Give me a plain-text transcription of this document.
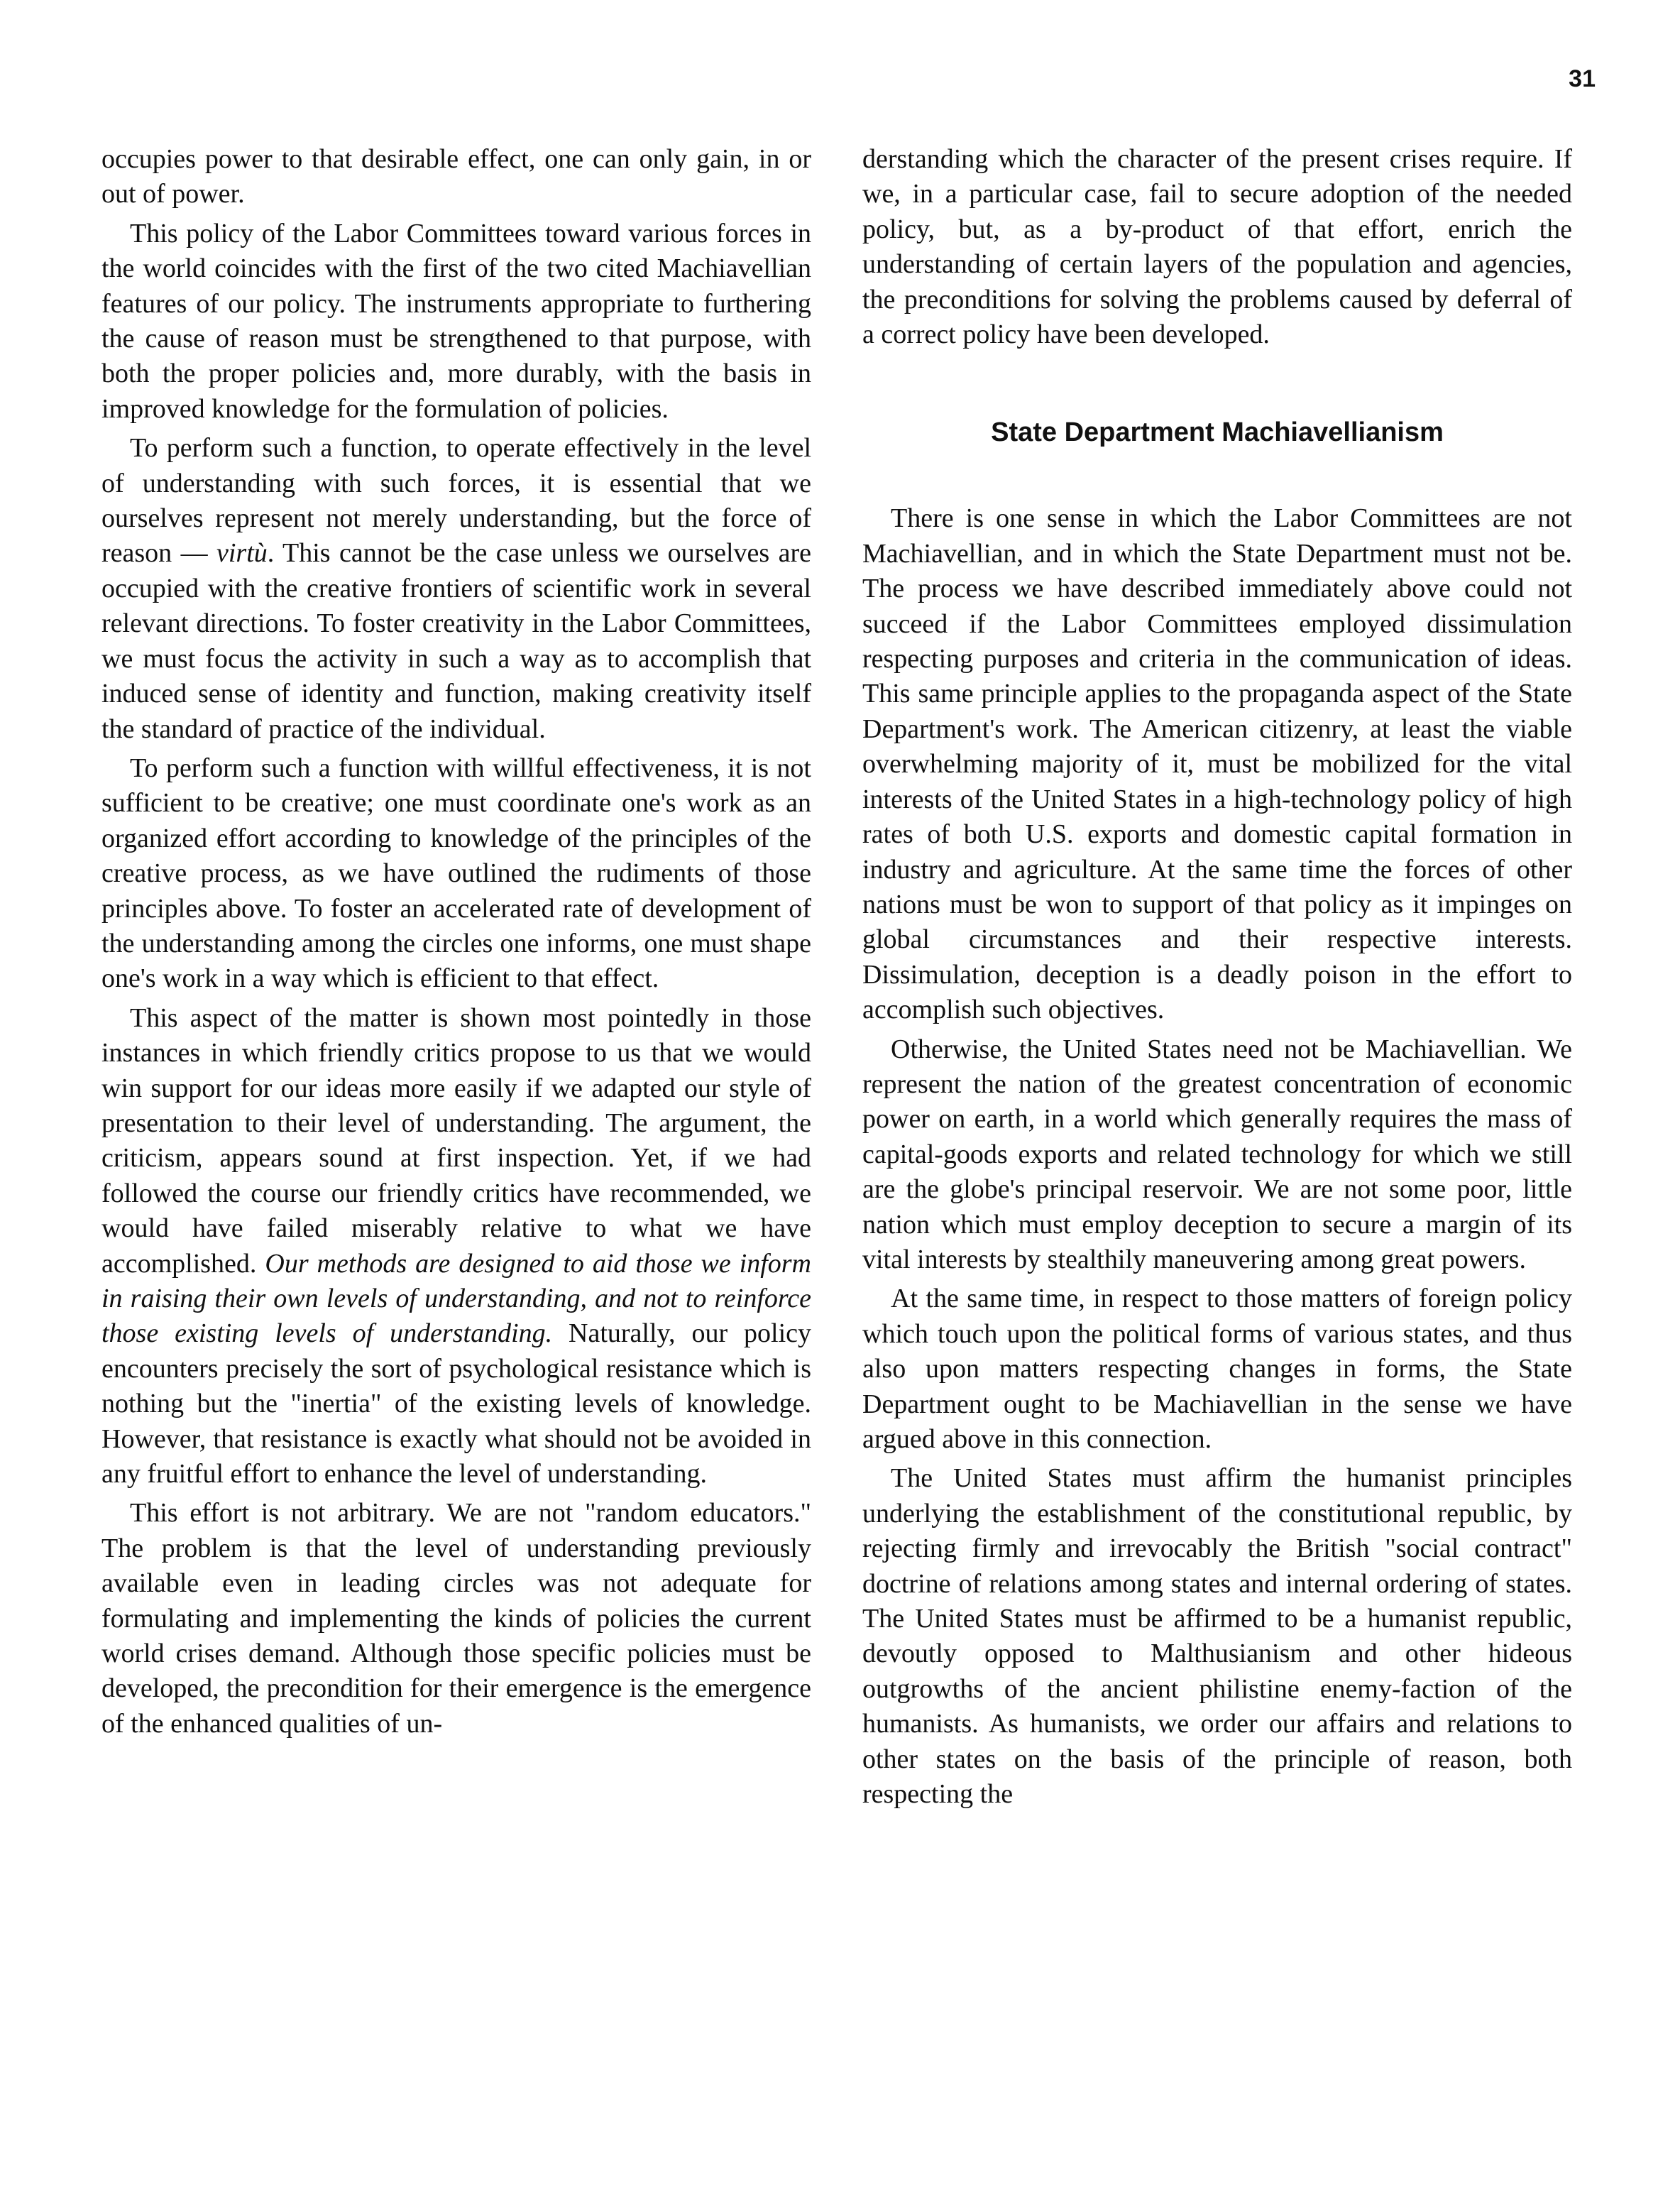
31

occupies power to that desirable effect, one can only gain, in or out of power.

This policy of the Labor Committees toward various forces in the world coincides with the first of the two cited Machiavellian features of our policy. The instruments appropriate to furthering the cause of reason must be strengthened to that purpose, with both the proper policies and, more durably, with the basis in improved knowledge for the formulation of policies.

To perform such a function, to operate effectively in the level of understanding with such forces, it is essential that we ourselves represent not merely understanding, but the force of reason — virtù. This cannot be the case unless we ourselves are occupied with the creative frontiers of scientific work in several relevant directions. To foster creativity in the Labor Committees, we must focus the activity in such a way as to accomplish that induced sense of identity and function, making creativity itself the standard of practice of the individual.

To perform such a function with willful effectiveness, it is not sufficient to be creative; one must coordinate one's work as an organized effort according to knowledge of the principles of the creative process, as we have outlined the rudiments of those principles above. To foster an accelerated rate of development of the understanding among the circles one informs, one must shape one's work in a way which is efficient to that effect.

This aspect of the matter is shown most pointedly in those instances in which friendly critics propose to us that we would win support for our ideas more easily if we adapted our style of presentation to their level of understanding. The argument, the criticism, appears sound at first inspection. Yet, if we had followed the course our friendly critics have recommended, we would have failed miserably relative to what we have accomplished. Our methods are designed to aid those we inform in raising their own levels of understanding, and not to reinforce those existing levels of understanding. Naturally, our policy encounters precisely the sort of psychological resistance which is nothing but the "inertia" of the existing levels of knowledge. However, that resistance is exactly what should not be avoided in any fruitful effort to enhance the level of understanding.

This effort is not arbitrary. We are not "random educators." The problem is that the level of understanding previously available even in leading circles was not adequate for formulating and implementing the kinds of policies the current world crises demand. Although those specific policies must be developed, the precondition for their emergence is the emergence of the enhanced qualities of un-

derstanding which the character of the present crises require. If we, in a particular case, fail to secure adoption of the needed policy, but, as a by-product of that effort, enrich the understanding of certain layers of the population and agencies, the preconditions for solving the problems caused by deferral of a correct policy have been developed.

State Department Machiavellianism

There is one sense in which the Labor Committees are not Machiavellian, and in which the State Department must not be. The process we have described immediately above could not succeed if the Labor Committees employed dissimulation respecting purposes and criteria in the communication of ideas. This same principle applies to the propaganda aspect of the State Department's work. The American citizenry, at least the viable overwhelming majority of it, must be mobilized for the vital interests of the United States in a high-technology policy of high rates of both U.S. exports and domestic capital formation in industry and agriculture. At the same time the forces of other nations must be won to support of that policy as it impinges on global circumstances and their respective interests. Dissimulation, deception is a deadly poison in the effort to accomplish such objectives.

Otherwise, the United States need not be Machiavellian. We represent the nation of the greatest concentration of economic power on earth, in a world which generally requires the mass of capital-goods exports and related technology for which we still are the globe's principal reservoir. We are not some poor, little nation which must employ deception to secure a margin of its vital interests by stealthily maneuvering among great powers.

At the same time, in respect to those matters of foreign policy which touch upon the political forms of various states, and thus also upon matters respecting changes in forms, the State Department ought to be Machiavellian in the sense we have argued above in this connection.

The United States must affirm the humanist principles underlying the establishment of the constitutional republic, by rejecting firmly and irrevocably the British "social contract" doctrine of relations among states and internal ordering of states. The United States must be affirmed to be a humanist republic, devoutly opposed to Malthusianism and other hideous outgrowths of the ancient philistine enemy-faction of the humanists. As humanists, we order our affairs and relations to other states on the basis of the principle of reason, both respecting the
